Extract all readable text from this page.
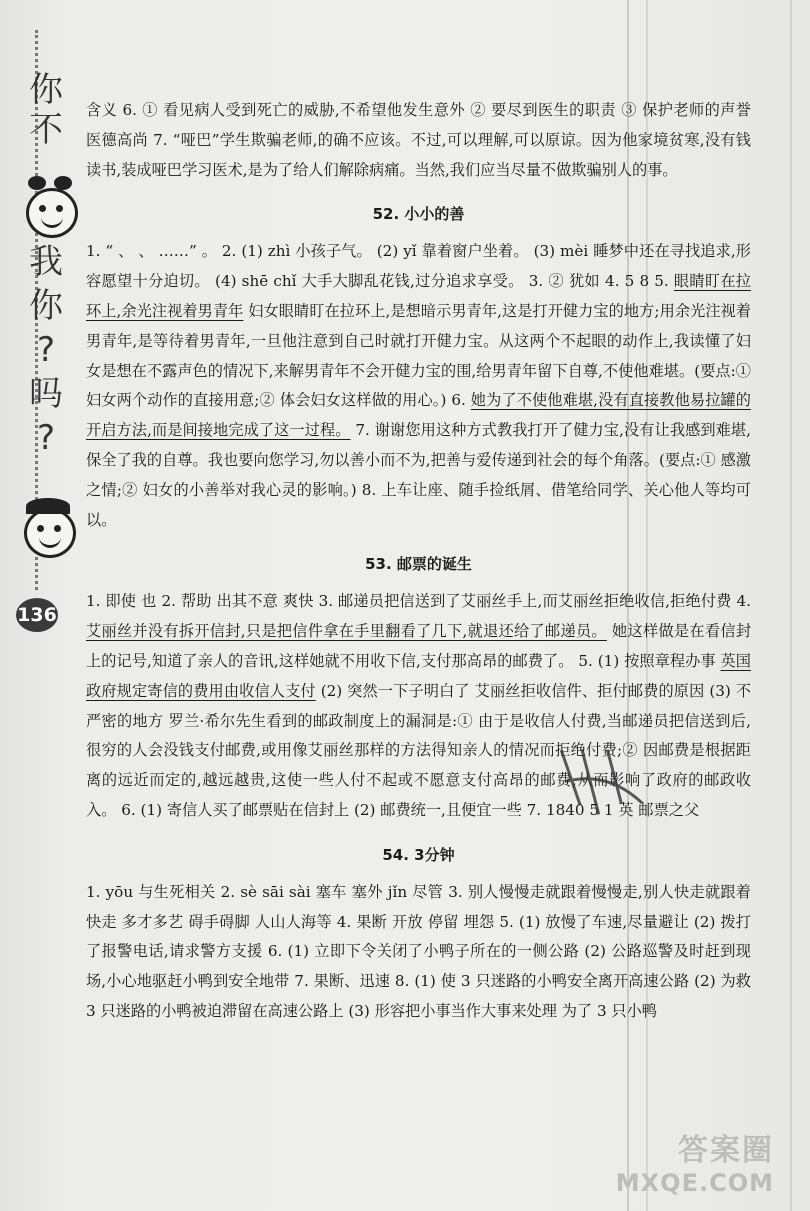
你
不
我
你
?
吗
?
136

含义 6. ① 看见病人受到死亡的威胁,不希望他发生意外 ② 要尽到医生的职责 ③ 保护老师的声誉 医德高尚 7. “哑巴”学生欺骗老师,的确不应该。不过,可以理解,可以原谅。因为他家境贫寒,没有钱读书,装成哑巴学习医术,是为了给人们解除病痛。当然,我们应当尽量不做欺骗别人的事。

52. 小小的善

1. “ 、 、 ……” 。 2. (1) zhì 小孩子气。 (2) yǐ 靠着窗户坐着。 (3) mèi 睡梦中还在寻找追求,形容愿望十分迫切。 (4) shē chǐ 大手大脚乱花钱,过分追求享受。 3. ② 犹如 4. 5 8 5. 眼睛盯在拉环上,余光注视着男青年 妇女眼睛盯在拉环上,是想暗示男青年,这是打开健力宝的地方;用余光注视着男青年,是等待着男青年,一旦他注意到自己时就打开健力宝。从这两个不起眼的动作上,我读懂了妇女是想在不露声色的情况下,来解男青年不会开健力宝的围,给男青年留下自尊,不使他难堪。(要点:① 妇女两个动作的直接用意;② 体会妇女这样做的用心。) 6. 她为了不使他难堪,没有直接教他易拉罐的开启方法,而是间接地完成了这一过程。 7. 谢谢您用这种方式教我打开了健力宝,没有让我感到难堪,保全了我的自尊。我也要向您学习,勿以善小而不为,把善与爱传递到社会的每个角落。(要点:① 感激之情;② 妇女的小善举对我心灵的影响。) 8. 上车让座、随手捡纸屑、借笔给同学、关心他人等均可以。

53. 邮票的诞生

1. 即使 也 2. 帮助 出其不意 爽快 3. 邮递员把信送到了艾丽丝手上,而艾丽丝拒绝收信,拒绝付费 4. 艾丽丝并没有拆开信封,只是把信件拿在手里翻看了几下,就退还给了邮递员。 她这样做是在看信封上的记号,知道了亲人的音讯,这样她就不用收下信,支付那高昂的邮费了。 5. (1) 按照章程办事 英国政府规定寄信的费用由收信人支付 (2) 突然一下子明白了 艾丽丝拒收信件、拒付邮费的原因 (3) 不严密的地方 罗兰·希尔先生看到的邮政制度上的漏洞是:① 由于是收信人付费,当邮递员把信送到后,很穷的人会没钱支付邮费,或用像艾丽丝那样的方法得知亲人的情况而拒绝付费;② 因邮费是根据距离的远近而定的,越远越贵,这使一些人付不起或不愿意支付高昂的邮费,从而影响了政府的邮政收入。 6. (1) 寄信人买了邮票贴在信封上 (2) 邮费统一,且便宜一些 7. 1840 5 1 英 邮票之父

54. 3分钟

1. yōu 与生死相关 2. sè sāi sài 塞车 塞外 jǐn 尽管 3. 别人慢慢走就跟着慢慢走,别人快走就跟着快走 多才多艺 碍手碍脚 人山人海等 4. 果断 开放 停留 埋怨 5. (1) 放慢了车速,尽量避让 (2) 拨打了报警电话,请求警方支援 6. (1) 立即下令关闭了小鸭子所在的一侧公路 (2) 公路巡警及时赶到现场,小心地驱赶小鸭到安全地带 7. 果断、迅速 8. (1) 使 3 只迷路的小鸭安全离开高速公路 (2) 为救 3 只迷路的小鸭被迫滞留在高速公路上 (3) 形容把小事当作大事来处理 为了 3 只小鸭

答案圈
MXQE.COM
